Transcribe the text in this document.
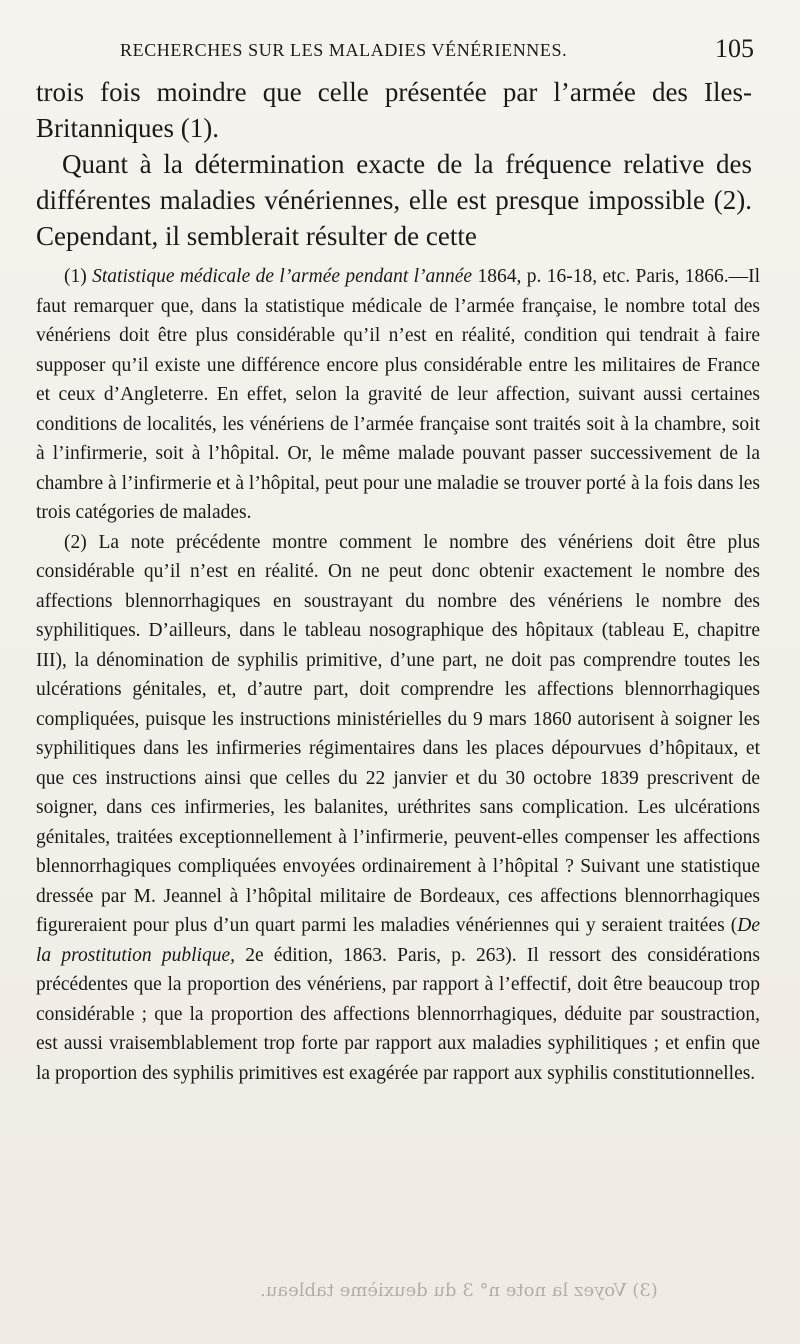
RECHERCHES SUR LES MALADIES VÉNÉRIENNES.	105

trois fois moindre que celle présentée par l’armée des Iles-Britanniques (1).

Quant à la détermination exacte de la fréquence relative des différentes maladies vénériennes, elle est presque impossible (2). Cependant, il semblerait résulter de cette

(1) Statistique médicale de l’armée pendant l’année 1864, p. 16-18, etc. Paris, 1866.—Il faut remarquer que, dans la statistique médicale de l’armée française, le nombre total des vénériens doit être plus considérable qu’il n’est en réalité, condition qui tendrait à faire supposer qu’il existe une différence encore plus considérable entre les militaires de France et ceux d’Angleterre. En effet, selon la gravité de leur affection, suivant aussi certaines conditions de localités, les vénériens de l’armée française sont traités soit à la chambre, soit à l’infirmerie, soit à l’hôpital. Or, le même malade pouvant passer successivement de la chambre à l’infirmerie et à l’hôpital, peut pour une maladie se trouver porté à la fois dans les trois catégories de malades.

(2) La note précédente montre comment le nombre des vénériens doit être plus considérable qu’il n’est en réalité. On ne peut donc obtenir exactement le nombre des affections blennorrhagiques en soustrayant du nombre des vénériens le nombre des syphilitiques. D’ailleurs, dans le tableau nosographique des hôpitaux (tableau E, chapitre III), la dénomination de syphilis primitive, d’une part, ne doit pas comprendre toutes les ulcérations génitales, et, d’autre part, doit comprendre les affections blennorrhagiques compliquées, puisque les instructions ministérielles du 9 mars 1860 autorisent à soigner les syphilitiques dans les infirmeries régimentaires dans les places dépourvues d’hôpitaux, et que ces instructions ainsi que celles du 22 janvier et du 30 octobre 1839 prescrivent de soigner, dans ces infirmeries, les balanites, uréthrites sans complication. Les ulcérations génitales, traitées exceptionnellement à l’infirmerie, peuvent-elles compenser les affections blennorrhagiques compliquées envoyées ordinairement à l’hôpital ? Suivant une statistique dressée par M. Jeannel à l’hôpital militaire de Bordeaux, ces affections blennorrhagiques figureraient pour plus d’un quart parmi les maladies vénériennes qui y seraient traitées (De la prostitution publique, 2e édition, 1863. Paris, p. 263). Il ressort des considérations précédentes que la proportion des vénériens, par rapport à l’effectif, doit être beaucoup trop considérable ; que la proportion des affections blennorrhagiques, déduite par soustraction, est aussi vraisemblablement trop forte par rapport aux maladies syphilitiques ; et enfin que la proportion des syphilis primitives est exagérée par rapport aux syphilis constitutionnelles.

(3) Voyez la note n° 3 du deuxième tableau.
